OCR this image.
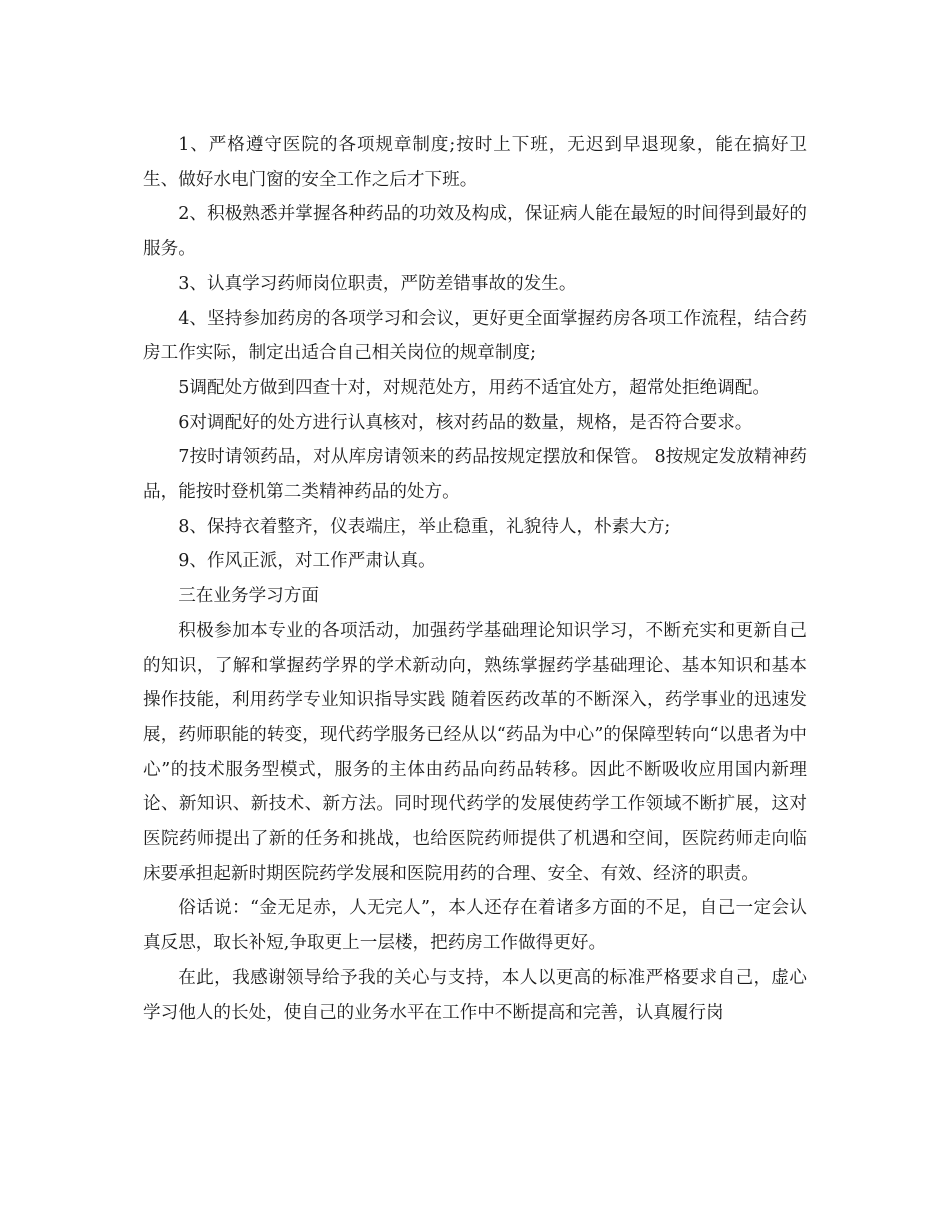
1、严格遵守医院的各项规章制度;按时上下班，无迟到早退现象，能在搞好卫生、做好水电门窗的安全工作之后才下班。

2、积极熟悉并掌握各种药品的功效及构成，保证病人能在最短的时间得到最好的服务。

3、认真学习药师岗位职责，严防差错事故的发生。

4、坚持参加药房的各项学习和会议，更好更全面掌握药房各项工作流程，结合药房工作实际，制定出适合自己相关岗位的规章制度;

5调配处方做到四查十对，对规范处方，用药不适宜处方，超常处拒绝调配。

6对调配好的处方进行认真核对，核对药品的数量，规格，是否符合要求。

7按时请领药品，对从库房请领来的药品按规定摆放和保管。 8按规定发放精神药品，能按时登机第二类精神药品的处方。

8、保持衣着整齐，仪表端庄，举止稳重，礼貌待人，朴素大方;

9、作风正派，对工作严肃认真。

三在业务学习方面

积极参加本专业的各项活动，加强药学基础理论知识学习，不断充实和更新自己的知识，了解和掌握药学界的学术新动向，熟练掌握药学基础理论、基本知识和基本操作技能，利用药学专业知识指导实践 随着医药改革的不断深入，药学事业的迅速发展，药师职能的转变，现代药学服务已经从以“药品为中心”的保障型转向“以患者为中心”的技术服务型模式，服务的主体由药品向药品转移。因此不断吸收应用国内新理论、新知识、新技术、新方法。同时现代药学的发展使药学工作领域不断扩展，这对医院药师提出了新的任务和挑战，也给医院药师提供了机遇和空间，医院药师走向临床要承担起新时期医院药学发展和医院用药的合理、安全、有效、经济的职责。

俗话说：“金无足赤，人无完人”，本人还存在着诸多方面的不足，自己一定会认真反思，取长补短,争取更上一层楼，把药房工作做得更好。

在此，我感谢领导给予我的关心与支持，本人以更高的标准严格要求自己，虚心学习他人的长处，使自己的业务水平在工作中不断提高和完善，认真履行岗
